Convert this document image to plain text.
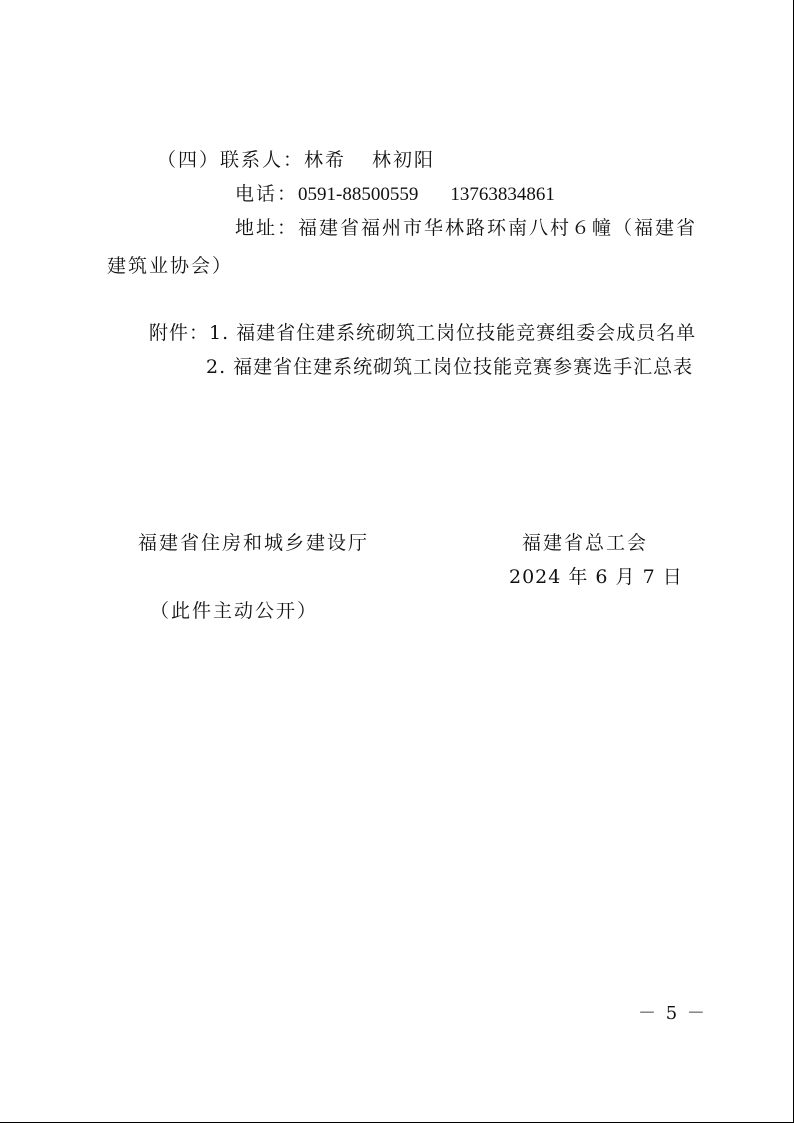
（四）联系人：林希 林初阳
电话：0591-88500559 13763834861
地址：福建省福州市华林路环南八村６幢（福建省
建筑业协会）
附件：1. 福建省住建系统砌筑工岗位技能竞赛组委会成员名单
2. 福建省住建系统砌筑工岗位技能竞赛参赛选手汇总表
福建省住房和城乡建设厅	福建省总工会
2024 年 6 月 7 日
（此件主动公开）
－ 5 －
